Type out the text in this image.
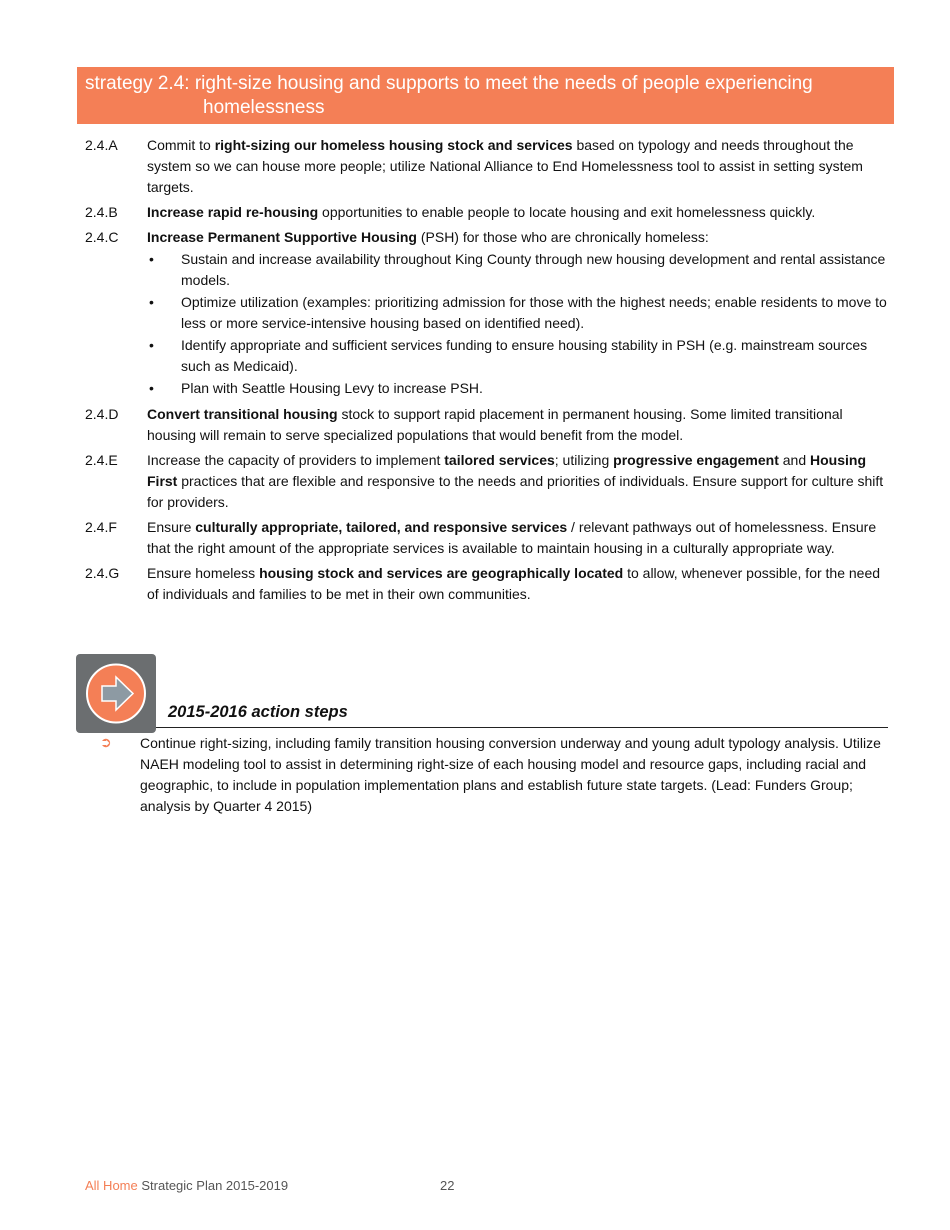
strategy 2.4: right-size housing and supports to meet the needs of people experiencing
homelessness
2.4.A	Commit to right-sizing our homeless housing stock and services based on typology and needs throughout the system so we can house more people; utilize National Alliance to End Homelessness tool to assist in setting system targets.
2.4.B	Increase rapid re-housing opportunities to enable people to locate housing and exit homelessness quickly.
2.4.C	Increase Permanent Supportive Housing (PSH) for those who are chronically homeless:
• Sustain and increase availability throughout King County through new housing development and rental assistance models.
• Optimize utilization (examples: prioritizing admission for those with the highest needs; enable residents to move to less or more service-intensive housing based on identified need).
• Identify appropriate and sufficient services funding to ensure housing stability in PSH (e.g. mainstream sources such as Medicaid).
• Plan with Seattle Housing Levy to increase PSH.
2.4.D	Convert transitional housing stock to support rapid placement in permanent housing. Some limited transitional housing will remain to serve specialized populations that would benefit from the model.
2.4.E	Increase the capacity of providers to implement tailored services; utilizing progressive engagement and Housing First practices that are flexible and responsive to the needs and priorities of individuals. Ensure support for culture shift for providers.
2.4.F	Ensure culturally appropriate, tailored, and responsive services / relevant pathways out of homelessness. Ensure that the right amount of the appropriate services is available to maintain housing in a culturally appropriate way.
2.4.G	Ensure homeless housing stock and services are geographically located to allow, whenever possible, for the need of individuals and families to be met in their own communities.
2015-2016 action steps
➲ Continue right-sizing, including family transition housing conversion underway and young adult typology analysis. Utilize NAEH modeling tool to assist in determining right-size of each housing model and resource gaps, including racial and geographic, to include in population implementation plans and establish future state targets. (Lead: Funders Group; analysis by Quarter 4 2015)
All Home Strategic Plan 2015-2019	22
